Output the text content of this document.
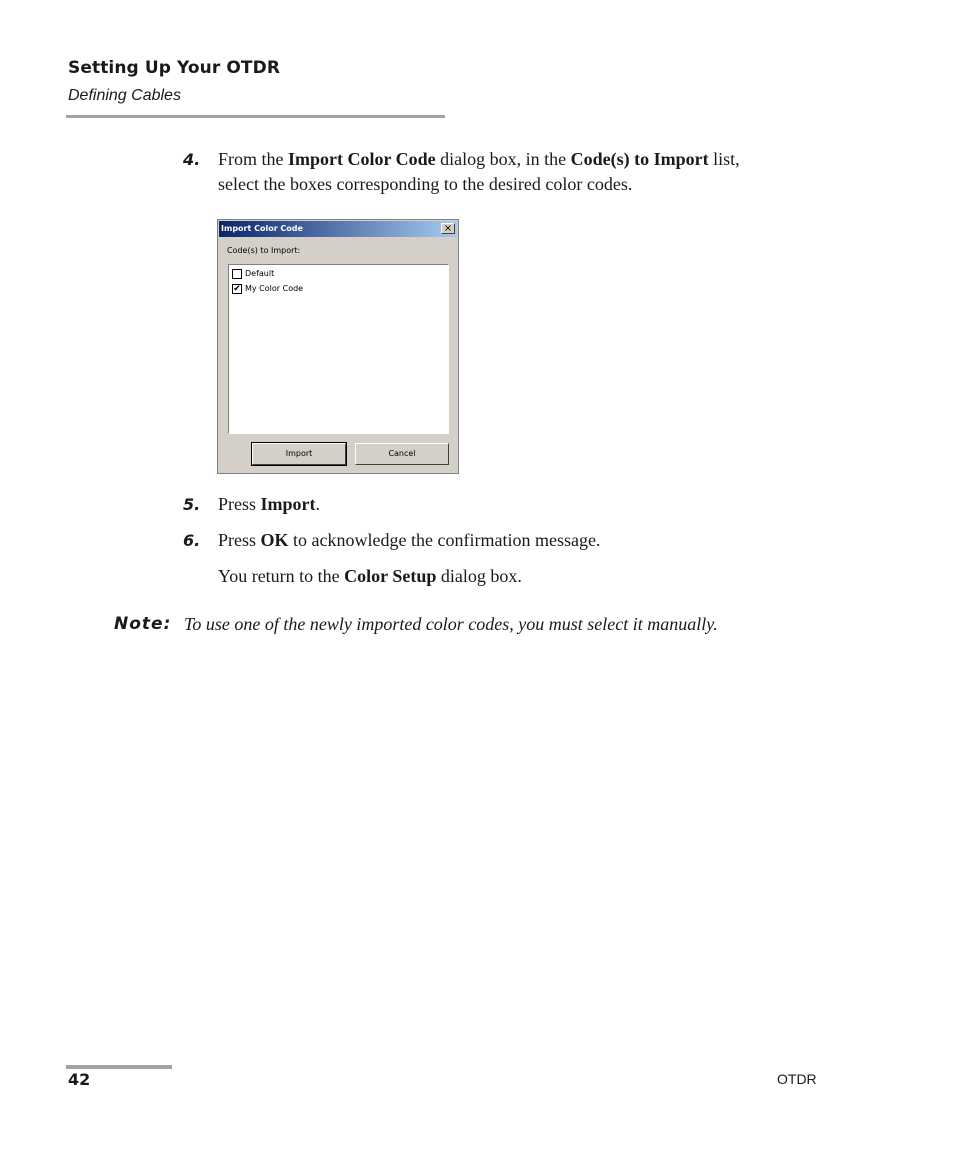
Setting Up Your OTDR
Defining Cables
4. From the Import Color Code dialog box, in the Code(s) to Import list,
select the boxes corresponding to the desired color codes.
Import Color Code	×
Code(s) to Import:
Default
✔ My Color Code
Import	Cancel
5. Press Import.
6. Press OK to acknowledge the confirmation message.
You return to the Color Setup dialog box.
Note: To use one of the newly imported color codes, you must select it manually.
42	OTDR
